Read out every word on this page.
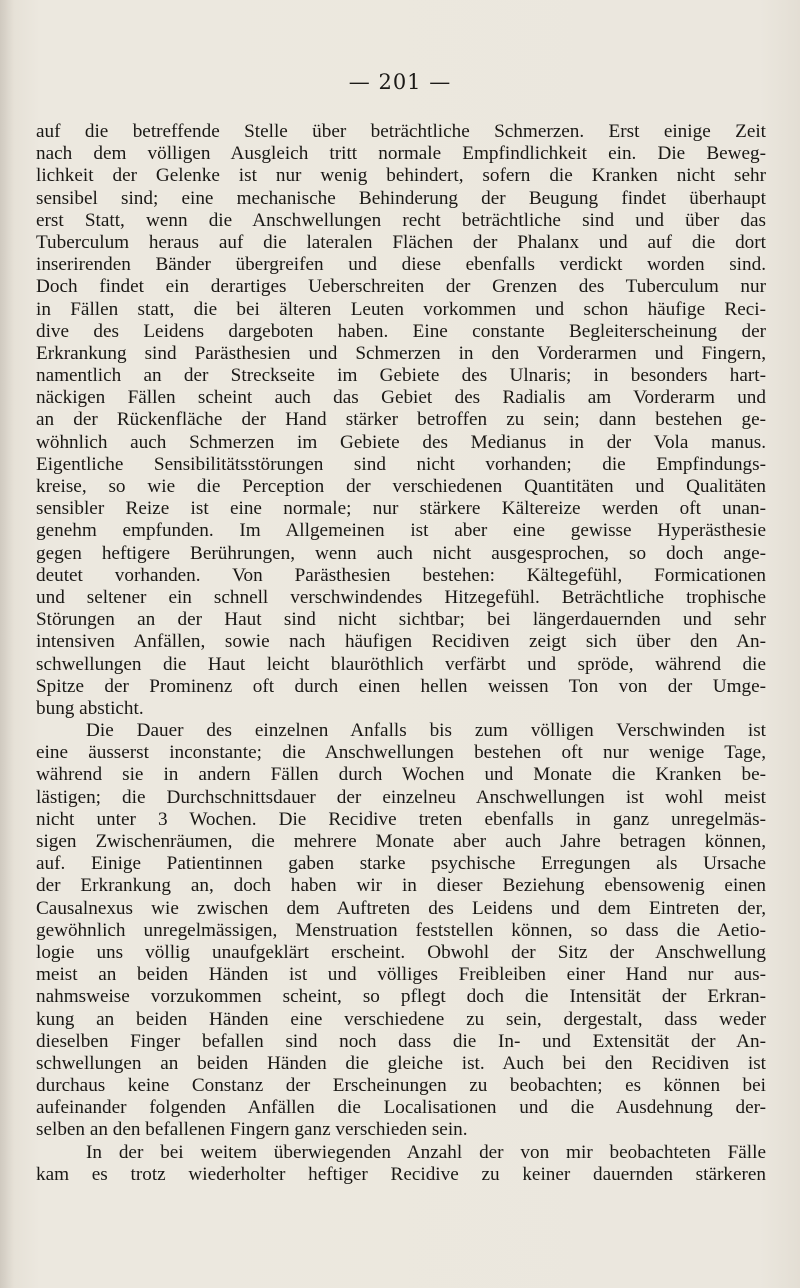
— 201 —
auf die betreffende Stelle über beträchtliche Schmerzen. Erst einige Zeit
nach dem völligen Ausgleich tritt normale Empfindlichkeit ein. Die Beweg-
lichkeit der Gelenke ist nur wenig behindert, sofern die Kranken nicht sehr
sensibel sind; eine mechanische Behinderung der Beugung findet überhaupt
erst Statt, wenn die Anschwellungen recht beträchtliche sind und über das
Tuberculum heraus auf die lateralen Flächen der Phalanx und auf die dort
inserirenden Bänder übergreifen und diese ebenfalls verdickt worden sind.
Doch findet ein derartiges Ueberschreiten der Grenzen des Tuberculum nur
in Fällen statt, die bei älteren Leuten vorkommen und schon häufige Reci-
dive des Leidens dargeboten haben. Eine constante Begleiterscheinung der
Erkrankung sind Parästhesien und Schmerzen in den Vorderarmen und Fingern,
namentlich an der Streckseite im Gebiete des Ulnaris; in besonders hart-
näckigen Fällen scheint auch das Gebiet des Radialis am Vorderarm und
an der Rückenfläche der Hand stärker betroffen zu sein; dann bestehen ge-
wöhnlich auch Schmerzen im Gebiete des Medianus in der Vola manus.
Eigentliche Sensibilitätsstörungen sind nicht vorhanden; die Empfindungs-
kreise, so wie die Perception der verschiedenen Quantitäten und Qualitäten
sensibler Reize ist eine normale; nur stärkere Kältereize werden oft unan-
genehm empfunden. Im Allgemeinen ist aber eine gewisse Hyperästhesie
gegen heftigere Berührungen, wenn auch nicht ausgesprochen, so doch ange-
deutet vorhanden. Von Parästhesien bestehen: Kältegefühl, Formicationen
und seltener ein schnell verschwindendes Hitzegefühl. Beträchtliche trophische
Störungen an der Haut sind nicht sichtbar; bei längerdauernden und sehr
intensiven Anfällen, sowie nach häufigen Recidiven zeigt sich über den An-
schwellungen die Haut leicht blauröthlich verfärbt und spröde, während die
Spitze der Prominenz oft durch einen hellen weissen Ton von der Umge-
bung absticht.
Die Dauer des einzelnen Anfalls bis zum völligen Verschwinden ist
eine äusserst inconstante; die Anschwellungen bestehen oft nur wenige Tage,
während sie in andern Fällen durch Wochen und Monate die Kranken be-
lästigen; die Durchschnittsdauer der einzelneu Anschwellungen ist wohl meist
nicht unter 3 Wochen. Die Recidive treten ebenfalls in ganz unregelmäs-
sigen Zwischenräumen, die mehrere Monate aber auch Jahre betragen können,
auf. Einige Patientinnen gaben starke psychische Erregungen als Ursache
der Erkrankung an, doch haben wir in dieser Beziehung ebensowenig einen
Causalnexus wie zwischen dem Auftreten des Leidens und dem Eintreten der,
gewöhnlich unregelmässigen, Menstruation feststellen können, so dass die Aetio-
logie uns völlig unaufgeklärt erscheint. Obwohl der Sitz der Anschwellung
meist an beiden Händen ist und völliges Freibleiben einer Hand nur aus-
nahmsweise vorzukommen scheint, so pflegt doch die Intensität der Erkran-
kung an beiden Händen eine verschiedene zu sein, dergestalt, dass weder
dieselben Finger befallen sind noch dass die In- und Extensität der An-
schwellungen an beiden Händen die gleiche ist. Auch bei den Recidiven ist
durchaus keine Constanz der Erscheinungen zu beobachten; es können bei
aufeinander folgenden Anfällen die Localisationen und die Ausdehnung der-
selben an den befallenen Fingern ganz verschieden sein.
In der bei weitem überwiegenden Anzahl der von mir beobachteten Fälle
kam es trotz wiederholter heftiger Recidive zu keiner dauernden stärkeren
